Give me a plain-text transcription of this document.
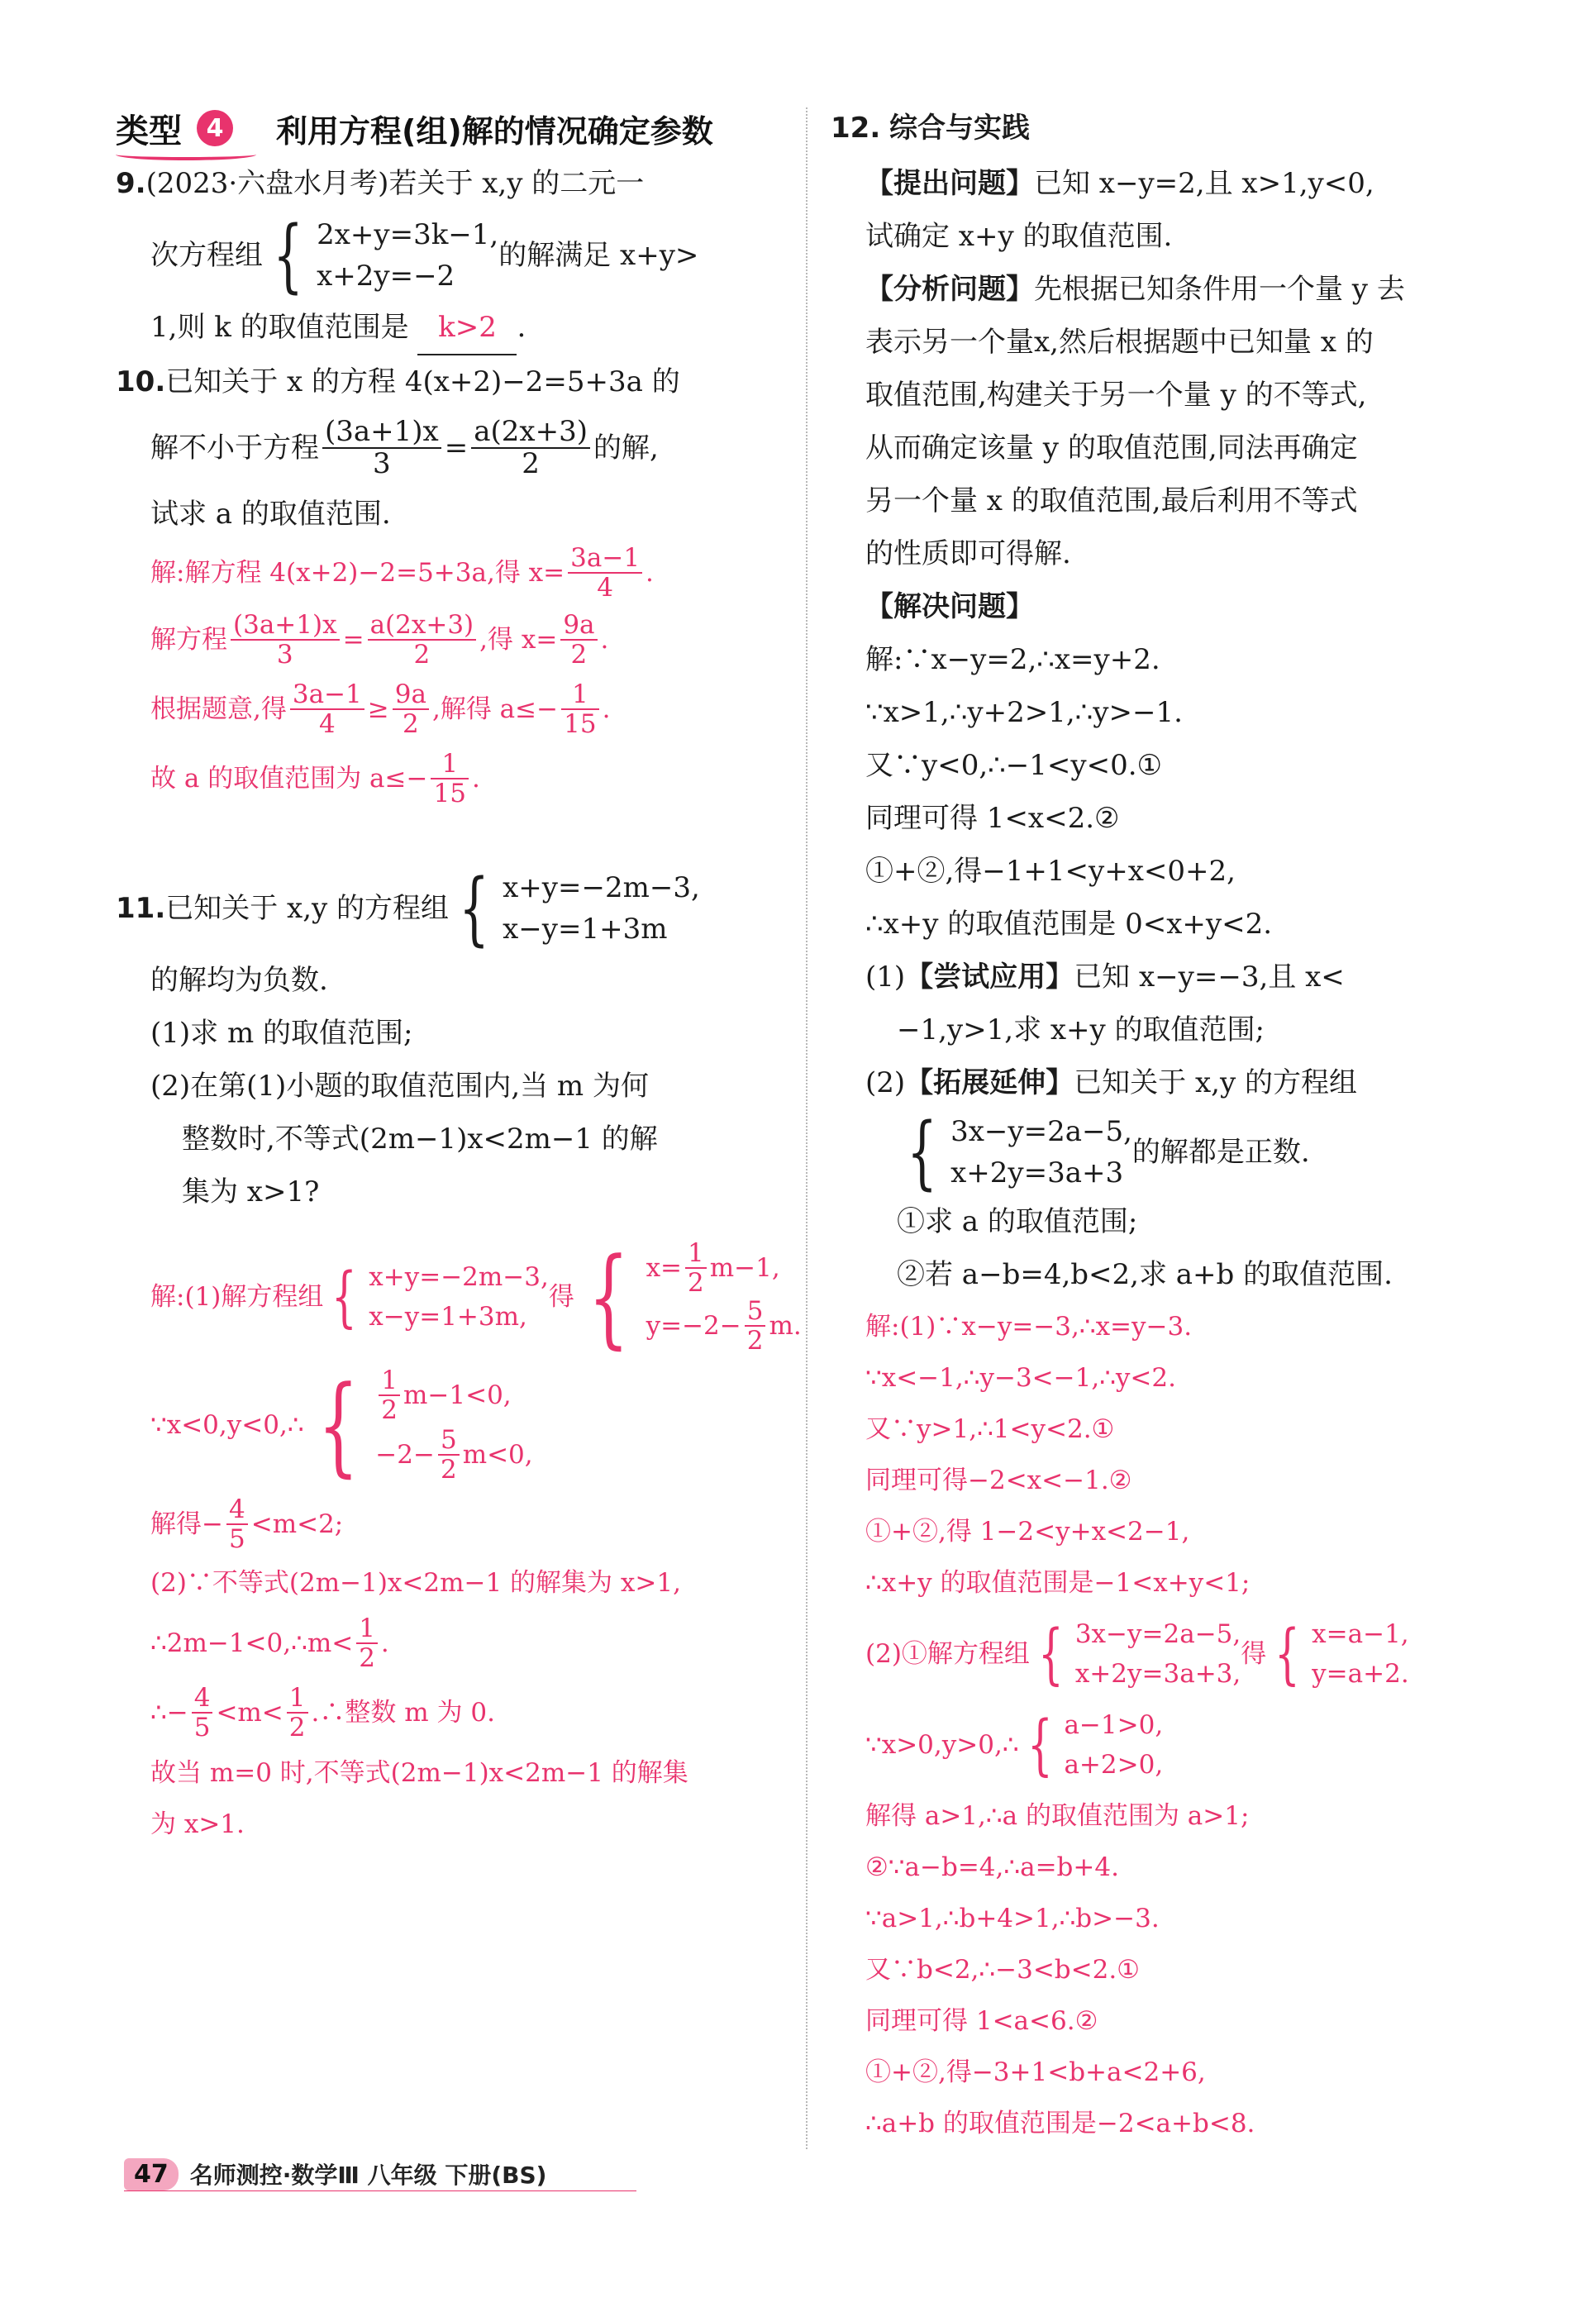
类型 4	利用方程(组)解的情况确定参数
9.(2023·六盘水月考)若关于 x,y 的二元一
次方程组 { 2x+y=3k−1,
x+2y=−2
的解满足 x+y>
1,则 k 的取值范围是 k>2 .
10.已知关于 x 的方程 4(x+2)−2=5+3a 的
解不小于方程 $\frac{(3a+1)x}{3} = \frac{a(2x+3)}{2}$ 的解,
试求 a 的取值范围.
解:解方程 4(x+2)−2=5+3a,得 $x= \frac{3a-1}{4}$ .
解方程 $\frac{(3a+1)x}{3} = \frac{a(2x+3)}{2}$ ,得 $x= \frac{9a}{2}$ .
根据题意,得 $\frac{3a-1}{4} \ge \frac{9a}{2}$ ,解得 $a\le- \frac{1}{15}$ .
故 a 的取值范围为 $a\le- \frac{1}{15}$ .
11. 已知关于 x,y 的方程组 { x+y=−2m−3,
x−y=1+3m
的解均为负数.
(1)求 m 的取值范围;
(2)在第(1)小题的取值范围内,当 m 为何
整数时,不等式(2m−1)x<2m−1 的解
集为 x>1?
解:(1)解方程组 { x+y=−2m−3,
x−y=1+3m,
得 { $x= \frac{1}{2} m-1$,
$y=-2- \frac{5}{2} m$.
∵x<0,y<0,∴ { $\frac{1}{2} m-1<0$,
$-2- \frac{5}{2} m<0$,
解得− $\frac{4}{5} <m<2$;
(2)∵不等式(2m−1)x<2m−1 的解集为 x>1,
∴2m−1<0,∴m< $\frac{1}{2}$ .
∴− $\frac{4}{5} <m< \frac{1}{2}$ .∴整数 m 为 0.
故当 m=0 时,不等式(2m−1)x<2m−1 的解集
为 x>1.
12. 综合与实践
【提出问题】已知 x−y=2,且 x>1,y<0,
试确定 x+y 的取值范围.
【分析问题】先根据已知条件用一个量 y 去
表示另一个量x,然后根据题中已知量 x 的
取值范围,构建关于另一个量 y 的不等式,
从而确定该量 y 的取值范围,同法再确定
另一个量 x 的取值范围,最后利用不等式
的性质即可得解.
【解决问题】
解:∵x−y=2,∴x=y+2.
∵x>1,∴y+2>1,∴y>−1.
又∵y<0,∴−1<y<0.①
同理可得 1<x<2.②
①+②,得−1+1<y+x<0+2,
∴x+y 的取值范围是 0<x+y<2.
(1)【尝试应用】已知 x−y=−3,且 x<
−1,y>1,求 x+y 的取值范围;
(2)【拓展延伸】已知关于 x,y 的方程组
{ 3x−y=2a−5,
x+2y=3a+3
的解都是正数.
①求 a 的取值范围;
②若 a−b=4,b<2,求 a+b 的取值范围.
解:(1)∵x−y=−3,∴x=y−3.
∵x<−1,∴y−3<−1,∴y<2.
又∵y>1,∴1<y<2.①
同理可得−2<x<−1.②
①+②,得 1−2<y+x<2−1,
∴x+y 的取值范围是−1<x+y<1;
(2)①解方程组 { 3x−y=2a−5,
x+2y=3a+3,
得 { x=a−1,
y=a+2.
∵x>0,y>0,∴ { a−1>0,
a+2>0,
解得 a>1,∴a 的取值范围为 a>1;
②∵a−b=4,∴a=b+4.
∵a>1,∴b+4>1,∴b>−3.
又∵b<2,∴−3<b<2.①
同理可得 1<a<6.②
①+②,得−3+1<b+a<2+6,
∴a+b 的取值范围是−2<a+b<8.
47 名师测控·数学Ⅲ 八年级 下册(BS)
